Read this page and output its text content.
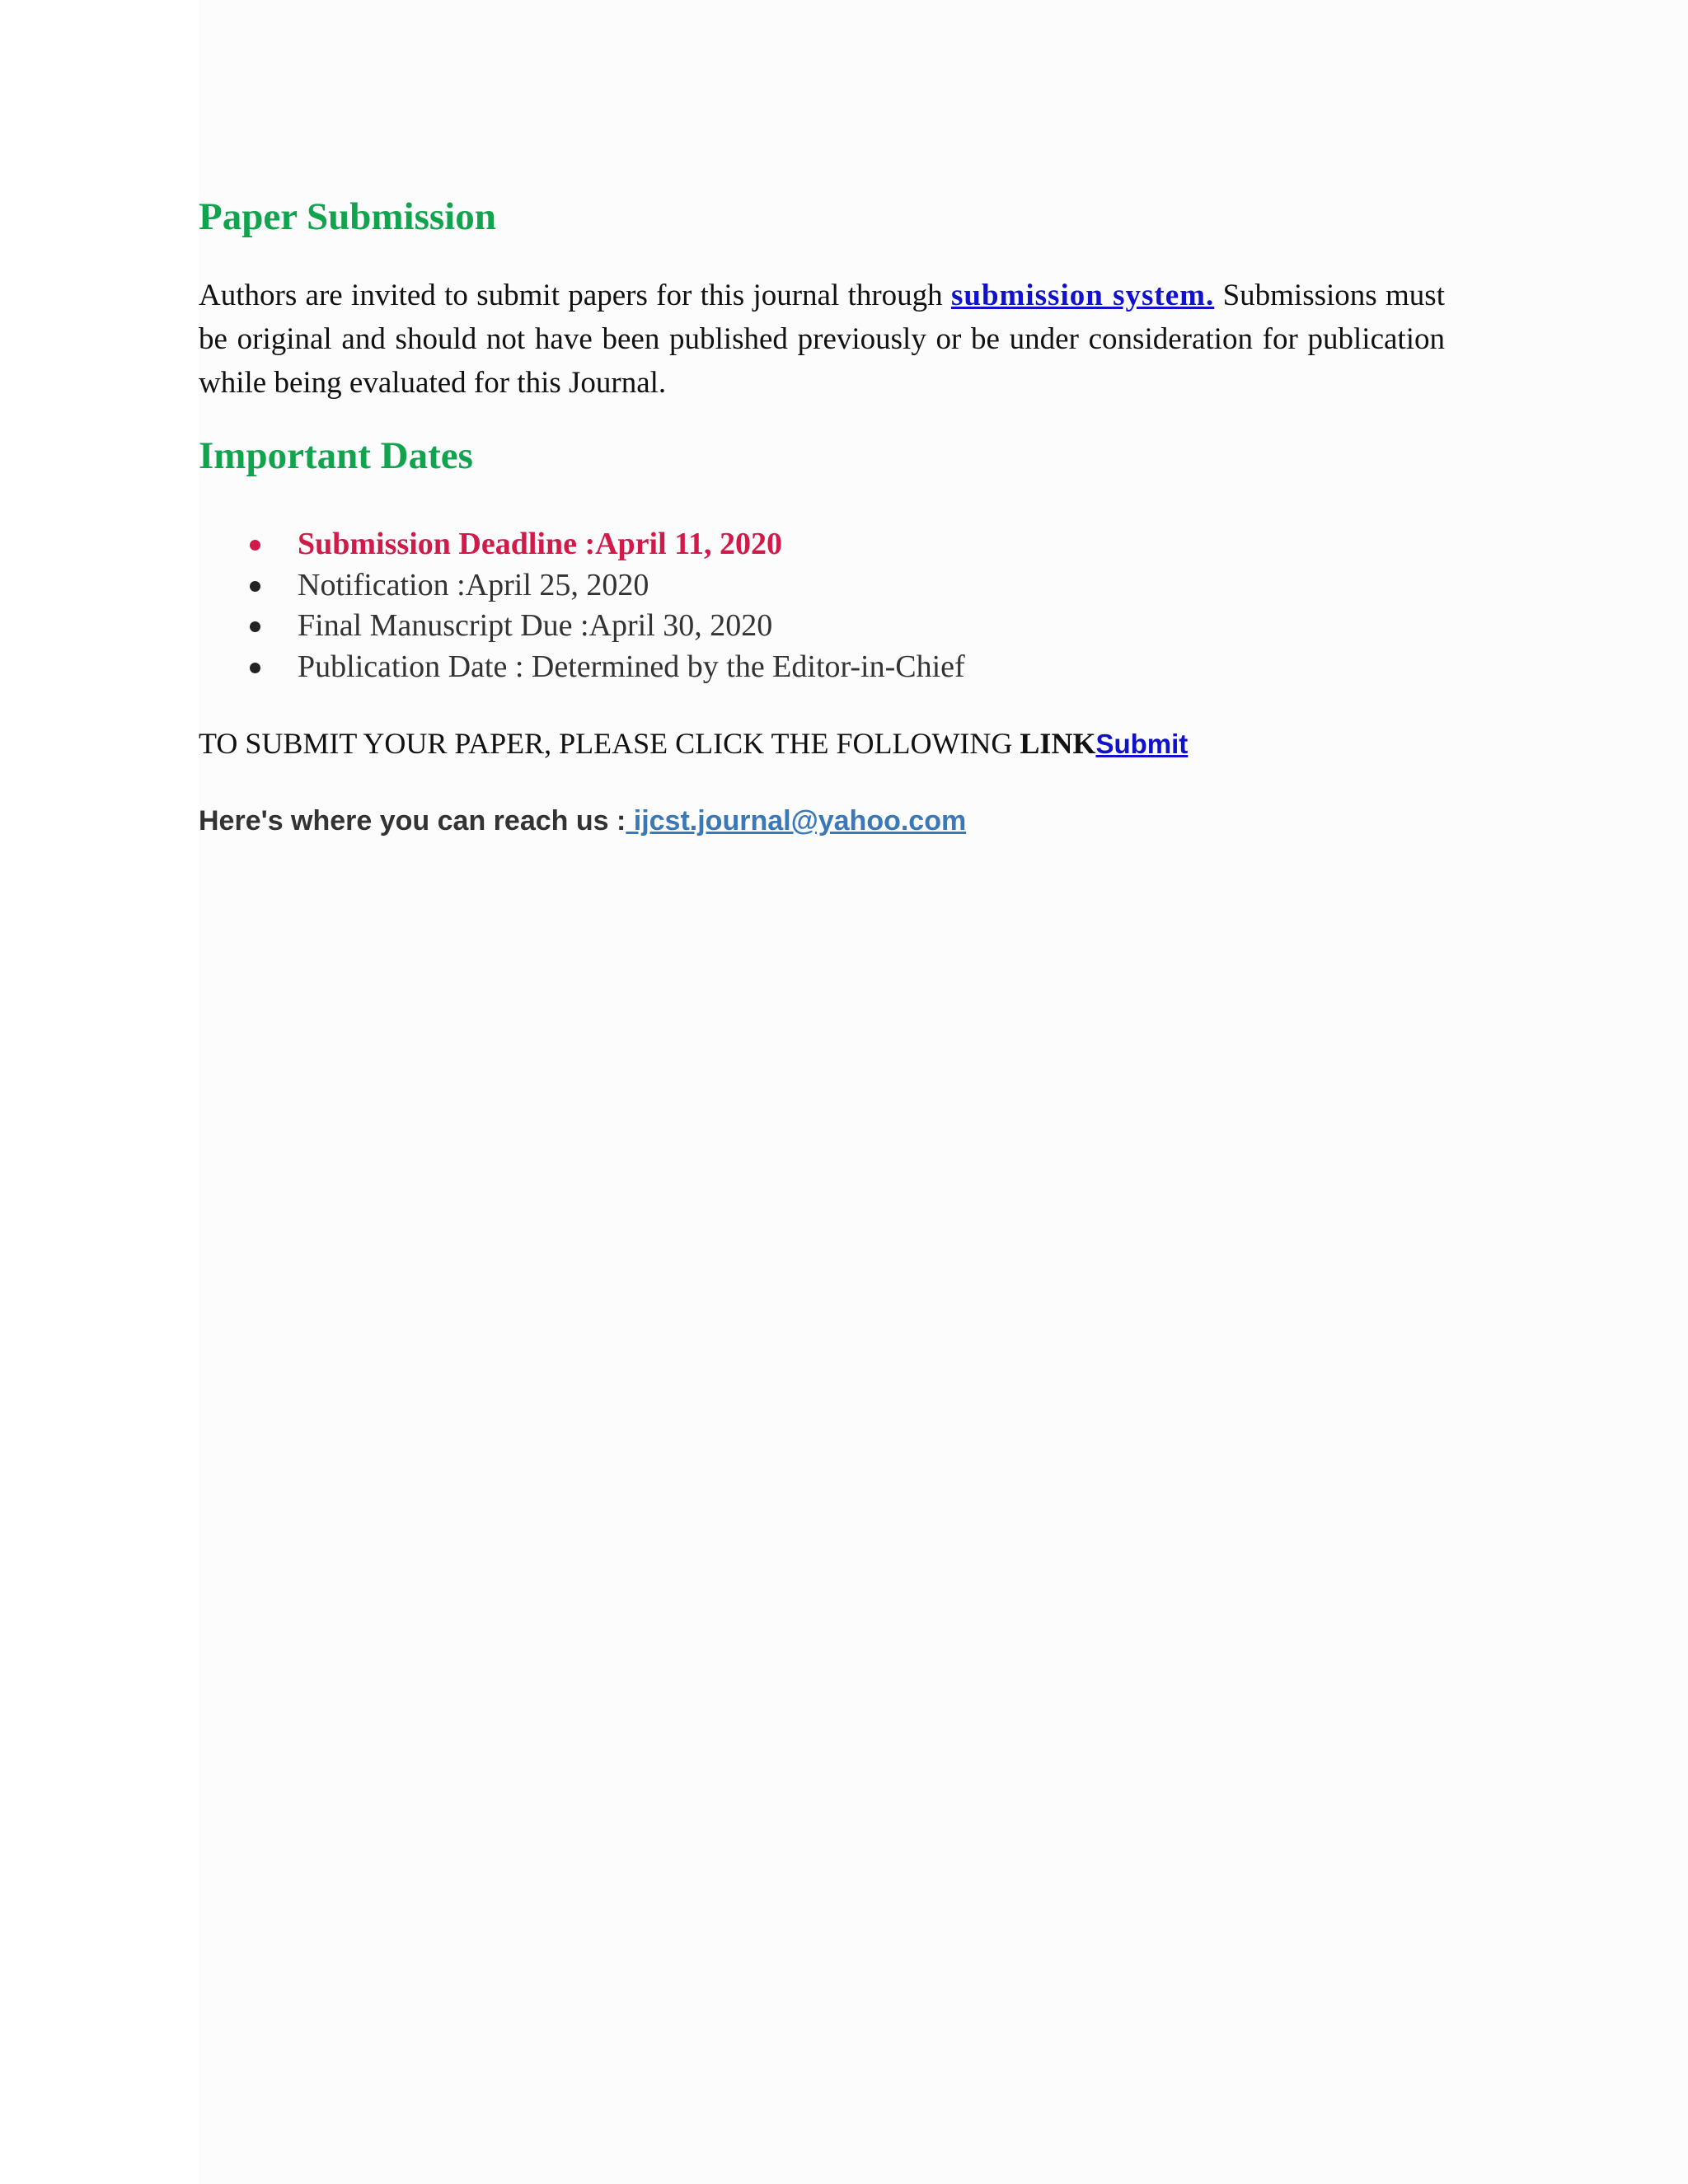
Paper Submission

Authors are invited to submit papers for this journal through submission system. Submissions must be original and should not have been published previously or be under consideration for publication while being evaluated for this Journal.

Important Dates
Submission Deadline :April 11, 2020
Notification :April 25, 2020
Final Manuscript Due :April 30, 2020
Publication Date : Determined by the Editor-in-Chief
TO SUBMIT YOUR PAPER, PLEASE CLICK THE FOLLOWING LINKSubmit
Here's where you can reach us : ijcst.journal@yahoo.com
